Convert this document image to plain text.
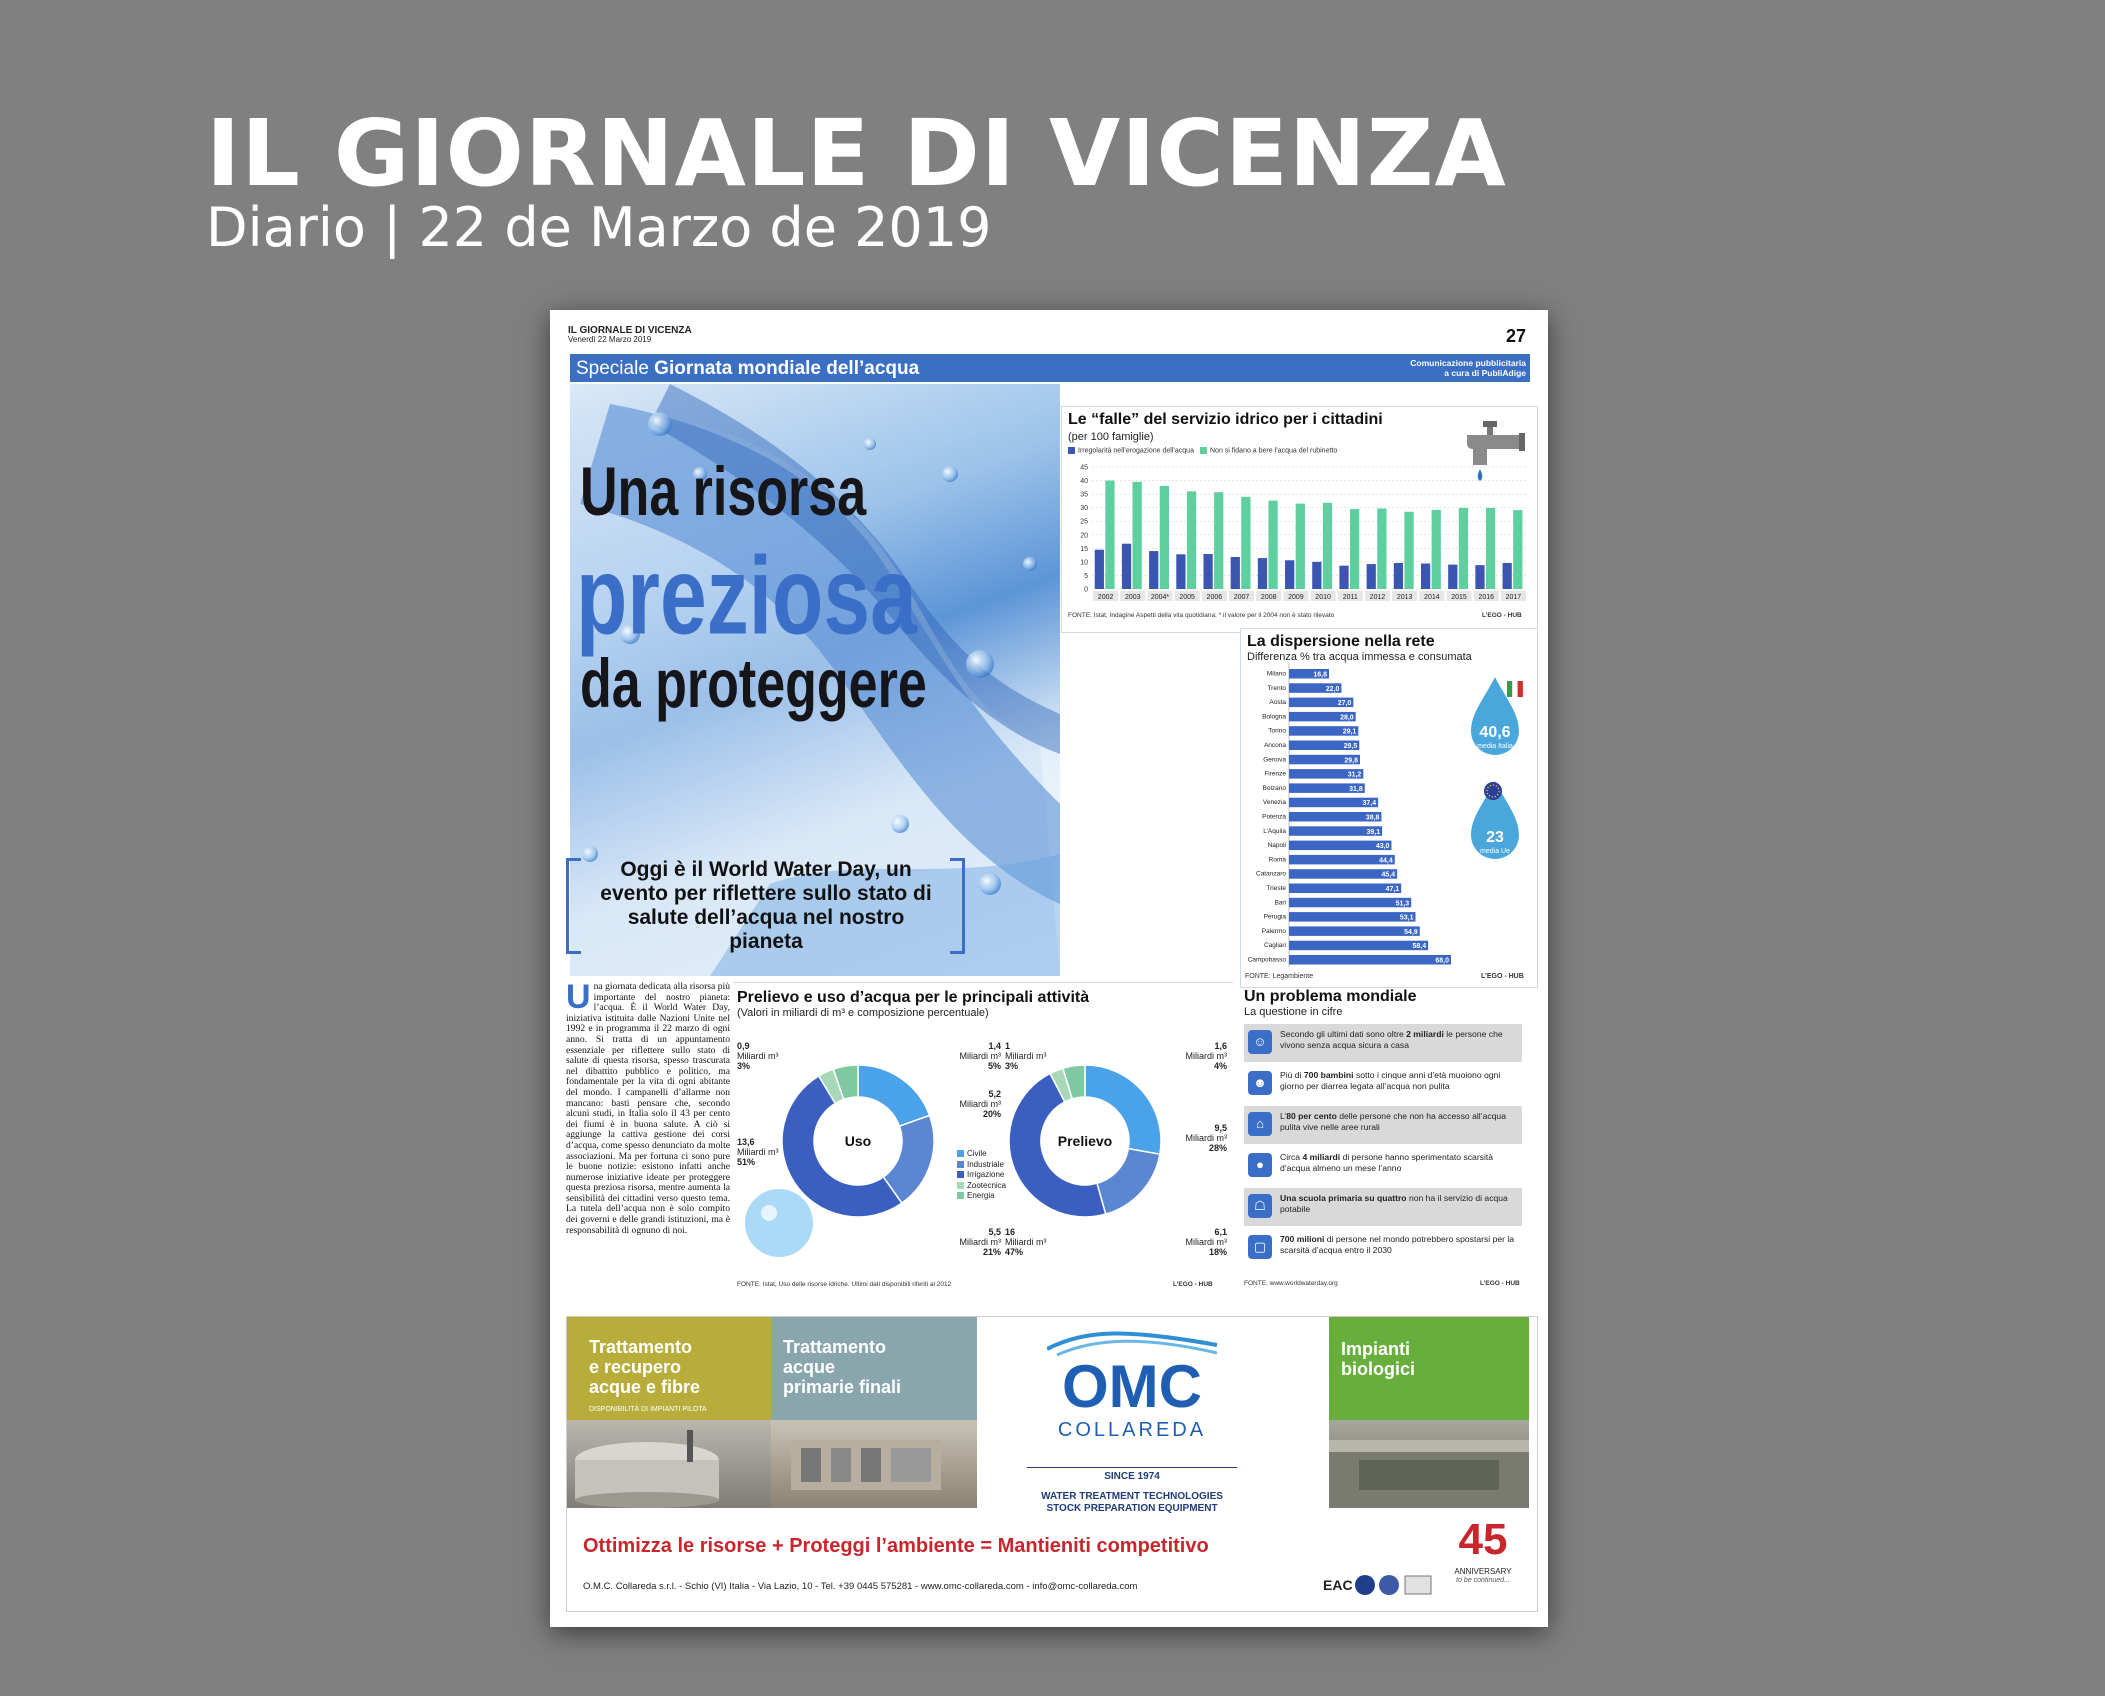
IL GIORNALE DI VICENZA
Diario | 22 de Marzo de 2019
IL GIORNALE DI VICENZA
Venerdì 22 Marzo 2019	27
Speciale Giornata mondiale dell’acqua	Comunicazione pubblicitaria
a cura di PubliAdige
Una risorsa
preziosa
da proteggere
Oggi è il World Water Day, un evento per riflettere sullo stato di salute dell’acqua nel nostro pianeta
Le “falle” del servizio idrico per i cittadini
(per 100 famiglie)
Irregolarità nell’erogazione dell’acqua	Non si fidano a bere l’acqua del rubinetto
0
5
10
15
20
25
30
35
40
45
2002 2003 2004* 2005 2006 2007 2008 2009 2010 2011 2012 2013 2014 2015 2016 2017
FONTE: Istat, Indagine Aspetti della vita quotidiana; * il valore per il 2004 non è stato rilevato	L’EGO - HUB
La dispersione nella rete
Differenza % tra acqua immessa e consumata
Milano	16,8
Trento	22,0
Aosta	27,0
Bologna	28,0
Torino	29,1
Ancona	29,5
Genova	29,8
Firenze	31,2
Bolzano	31,8
Venezia	37,4
Potenza	38,8
L’Aquila	39,1
Napoli	43,0
Roma	44,4
Catanzaro	45,4
Trieste	47,1
Bari	51,3
Perugia	53,1
Palermo	54,9
Cagliari	58,4
Campobasso	68,0
40,6
media Italia
23
media Ue
FONTE: Legambiente	L’EGO - HUB
Una giornata dedicata alla risorsa più importante del nostro pianeta: l’acqua. È il World Water Day, iniziativa istituita dalle Nazioni Unite nel 1992 e in programma il 22 marzo di ogni anno. Si tratta di un appuntamento essenziale per riflettere sullo stato di salute di questa risorsa, spesso trascurata nel dibattito pubblico e politico, ma fondamentale per la vita di ogni abitante del mondo. I campanelli d’allarme non mancano: basti pensare che, secondo alcuni studi, in Italia solo il 43 per cento dei fiumi è in buona salute. A ciò si aggiunge la cattiva gestione dei corsi d’acqua, come spesso denunciato da molte associazioni. Ma per fortuna ci sono pure le buone notizie: esistono infatti anche numerose iniziative ideate per proteggere questa preziosa risorsa, mentre aumenta la sensibilità dei cittadini verso questo tema. La tutela dell’acqua non è solo compito dei governi e delle grandi istituzioni, ma è responsabilità di ognuno di noi.
Prelievo e uso d’acqua per le principali attività
(Valori in miliardi di m³ e composizione percentuale)
Uso	Prelievo
0,9
Miliardi m³
3%
1,4
Miliardi m³
5%
5,2
Miliardi m³
20%
13,6
Miliardi m³
51%
5,5
Miliardi m³
21%
1
Miliardi m³
3%
1,6
Miliardi m³
4%
9,5
Miliardi m³
28%
16
Miliardi m³
47%
6,1
Miliardi m³
18%
Civile
Industriale
Irrigazione
Zootecnica
Energia
FONTE: Istat, Uso delle risorse idriche. Ultimi dati disponibili riferiti al 2012	L’EGO - HUB
Un problema mondiale
La questione in cifre
☺	Secondo gli ultimi dati sono oltre 2 miliardi le persone che vivono senza acqua sicura a casa
☻	Più di 700 bambini sotto i cinque anni d’età muoiono ogni giorno per diarrea legata all’acqua non pulita
⌂	L’80 per cento delle persone che non ha accesso all’acqua pulita vive nelle aree rurali
●	Circa 4 miliardi di persone hanno sperimentato scarsità d’acqua almeno un mese l’anno
☖	Una scuola primaria su quattro non ha il servizio di acqua potabile
▢	700 milioni di persone nel mondo potrebbero spostarsi per la scarsità d’acqua entro il 2030
FONTE: www.worldwaterday.org	L’EGO - HUB
Trattamento
e recupero
acque e fibre
DISPONIBILITÀ DI IMPIANTI PILOTA
Trattamento
acque
primarie finali	OMC
COLLAREDA
SINCE 1974
WATER TREATMENT TECHNOLOGIES
STOCK PREPARATION EQUIPMENT
Impianti
biologici
Ottimizza le risorse + Proteggi l’ambiente = Mantieniti competitivo
O.M.C. Collareda s.r.l. - Schio (VI) Italia - Via Lazio, 10 - Tel. +39 0445 575281 - www.omc-collareda.com - info@omc-collareda.com	EAC
45
ANNIVERSARY
to be continued...
